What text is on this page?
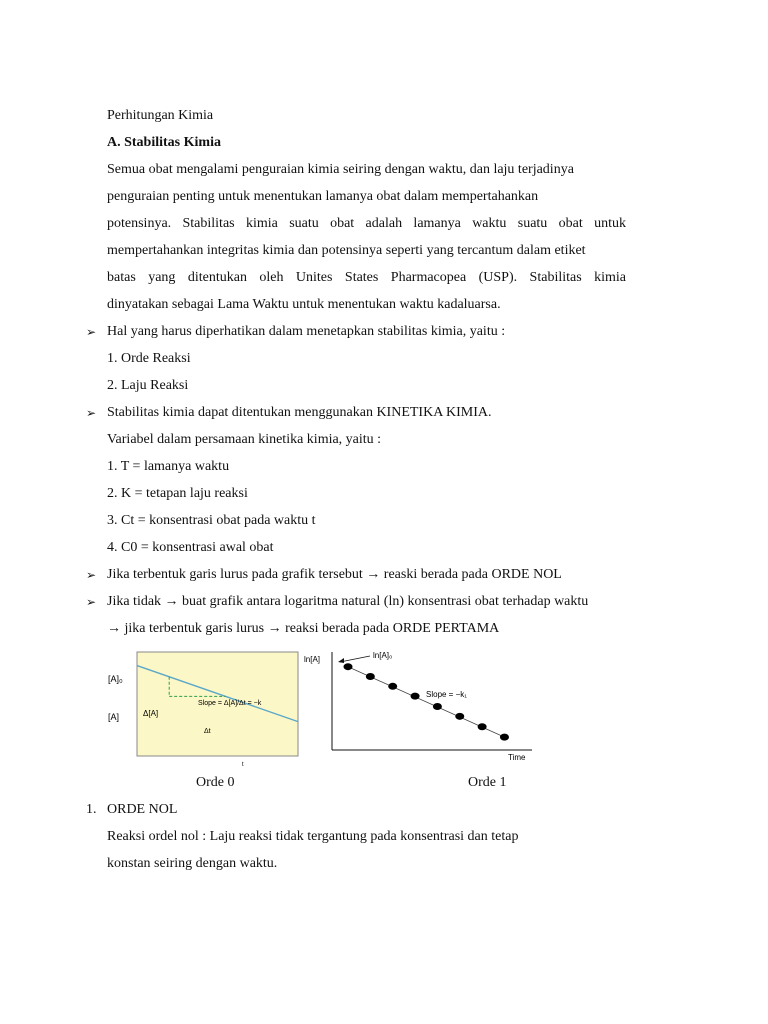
Perhitungan Kimia
A. Stabilitas Kimia
Semua obat mengalami penguraian kimia seiring dengan waktu, dan laju terjadinya
penguraian penting untuk menentukan lamanya obat dalam mempertahankan
potensinya. Stabilitas kimia suatu obat adalah lamanya waktu suatu obat untuk
mempertahankan integritas kimia dan potensinya seperti yang tercantum dalam etiket
batas yang ditentukan oleh Unites States Pharmacopea (USP). Stabilitas kimia
dinyatakan sebagai Lama Waktu untuk menentukan waktu kadaluarsa.
➢ Hal yang harus diperhatikan dalam menetapkan stabilitas kimia, yaitu :
1. Orde Reaksi
2. Laju Reaksi
➢ Stabilitas kimia dapat ditentukan menggunakan KINETIKA KIMIA.
Variabel dalam persamaan kinetika kimia, yaitu :
1. T = lamanya waktu
2. K = tetapan laju reaksi
3. Ct = konsentrasi obat pada waktu t
4. C0 = konsentrasi awal obat
➢ Jika terbentuk garis lurus pada grafik tersebut → reaski berada pada ORDE NOL
➢ Jika tidak → buat grafik antara logaritma natural (ln) konsentrasi obat terhadap waktu
→ jika terbentuk garis lurus → reaksi berada pada ORDE PERTAMA
[A]₀
[A]	Δ[A]
Δt
Slope = Δ[A]/Δt = −k
t
ln[A]	ln[A]₀
Slope = −k₁
Time
Orde 0	Orde 1
1. ORDE NOL
Reaksi ordel nol : Laju reaksi tidak tergantung pada konsentrasi dan tetap
konstan seiring dengan waktu.
